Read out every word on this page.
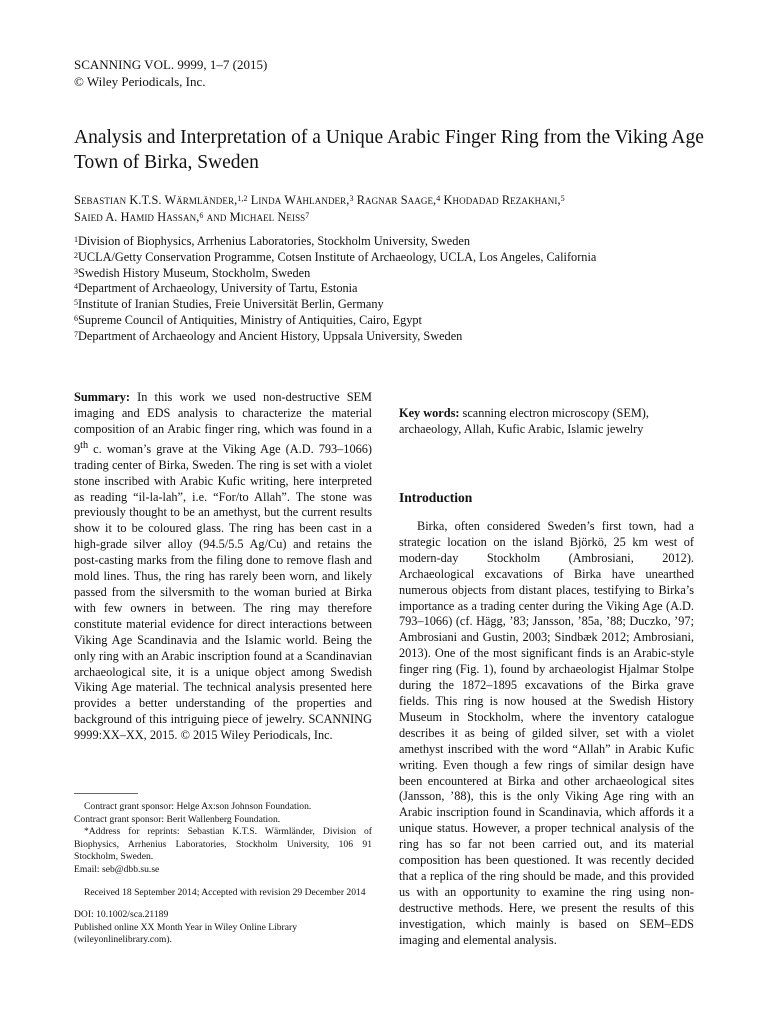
SCANNING VOL. 9999, 1–7 (2015)
© Wiley Periodicals, Inc.
Analysis and Interpretation of a Unique Arabic Finger Ring from the Viking Age Town of Birka, Sweden
Sebastian K.T.S. Wärmländer,$^{1,2}$ Linda Wåhlander,$^3$ Ragnar Saage,$^4$ Khodadad Rezakhani,$^5$
Saied A. Hamid Hassan,$^6$ and Michael Neiß$^7$
$^1$Division of Biophysics, Arrhenius Laboratories, Stockholm University, Sweden
$^2$UCLA/Getty Conservation Programme, Cotsen Institute of Archaeology, UCLA, Los Angeles, California
$^3$Swedish History Museum, Stockholm, Sweden
$^4$Department of Archaeology, University of Tartu, Estonia
$^5$Institute of Iranian Studies, Freie Universität Berlin, Germany
$^6$Supreme Council of Antiquities, Ministry of Antiquities, Cairo, Egypt
$^7$Department of Archaeology and Ancient History, Uppsala University, Sweden

Summary: In this work we used non-destructive SEM imaging and EDS analysis to characterize the material composition of an Arabic finger ring, which was found in a 9th c. woman’s grave at the Viking Age (A.D. 793–1066) trading center of Birka, Sweden. The ring is set with a violet stone inscribed with Arabic Kufic writing, here interpreted as reading “il-la-lah”, i.e. “For/to Allah”. The stone was previously thought to be an amethyst, but the current results show it to be coloured glass. The ring has been cast in a high-grade silver alloy (94.5/5.5 Ag/Cu) and retains the post-casting marks from the filing done to remove flash and mold lines. Thus, the ring has rarely been worn, and likely passed from the silversmith to the woman buried at Birka with few owners in between. The ring may therefore constitute material evidence for direct interactions between Viking Age Scandinavia and the Islamic world. Being the only ring with an Arabic inscription found at a Scandinavian archaeological site, it is a unique object among Swedish Viking Age material. The technical analysis presented here provides a better understanding of the properties and background of this intriguing piece of jewelry. SCANNING 9999:XX–XX, 2015. © 2015 Wiley Periodicals, Inc.

Contract grant sponsor: Helge Ax:son Johnson Foundation.

Contract grant sponsor: Berit Wallenberg Foundation.

*Address for reprints: Sebastian K.T.S. Wärmländer, Division of Biophysics, Arrhenius Laboratories, Stockholm University, 106 91 Stockholm, Sweden.

Email: seb@dbb.su.se

Received 18 September 2014; Accepted with revision 29 December 2014

DOI: 10.1002/sca.21189

Published online XX Month Year in Wiley Online Library

(wileyonlinelibrary.com).

Key words: scanning electron microscopy (SEM), archaeology, Allah, Kufic Arabic, Islamic jewelry

Introduction

Birka, often considered Sweden’s first town, had a strategic location on the island Björkö, 25 km west of modern-day Stockholm (Ambrosiani, 2012). Archaeological excavations of Birka have unearthed numerous objects from distant places, testifying to Birka’s importance as a trading center during the Viking Age (A.D. 793–1066) (cf. Hägg, ’83; Jansson, ’85a, ’88; Duczko, ’97; Ambrosiani and Gustin, 2003; Sindbæk 2012; Ambrosiani, 2013). One of the most significant finds is an Arabic-style finger ring (Fig. 1), found by archaeologist Hjalmar Stolpe during the 1872–1895 excavations of the Birka grave fields. This ring is now housed at the Swedish History Museum in Stockholm, where the inventory catalogue describes it as being of gilded silver, set with a violet amethyst inscribed with the word “Allah” in Arabic Kufic writing. Even though a few rings of similar design have been encountered at Birka and other archaeological sites (Jansson, ’88), this is the only Viking Age ring with an Arabic inscription found in Scandinavia, which affords it a unique status. However, a proper technical analysis of the ring has so far not been carried out, and its material composition has been questioned. It was recently decided that a replica of the ring should be made, and this provided us with an opportunity to examine the ring using non-destructive methods. Here, we present the results of this investigation, which mainly is based on SEM–EDS imaging and elemental analysis.
